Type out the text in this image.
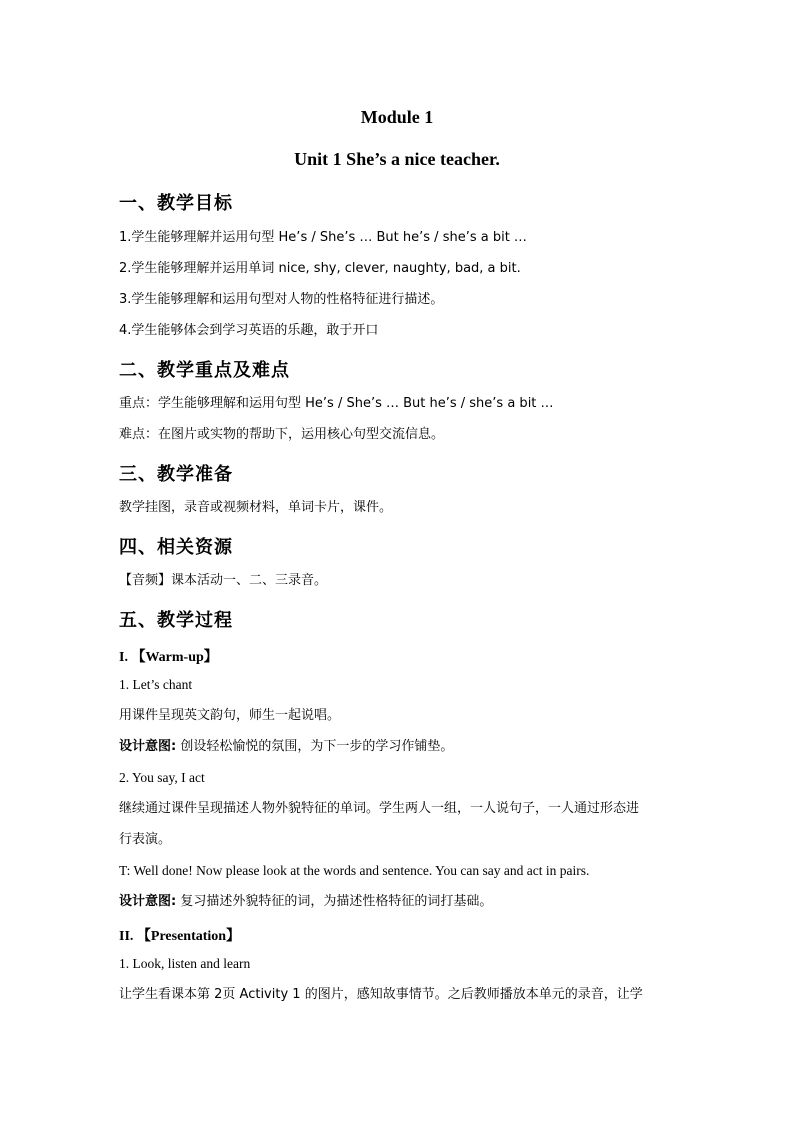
Module 1

Unit 1 She’s a nice teacher.

一、教学目标

1.学生能够理解并运用句型 He’s / She’s … But he’s / she’s a bit …

2.学生能够理解并运用单词 nice, shy, clever, naughty, bad, a bit.

3.学生能够理解和运用句型对人物的性格特征进行描述。

4.学生能够体会到学习英语的乐趣，敢于开口

二、教学重点及难点

重点：学生能够理解和运用句型 He’s / She’s … But he’s / she’s a bit …

难点：在图片或实物的帮助下，运用核心句型交流信息。

三、教学准备

教学挂图，录音或视频材料，单词卡片，课件。

四、相关资源

【音频】课本活动一、二、三录音。

五、教学过程

I. 【Warm-up】

1. Let’s chant

用课件呈现英文韵句，师生一起说唱。

设计意图: 创设轻松愉悦的氛围，为下一步的学习作铺垫。

2. You say, I act

继续通过课件呈现描述人物外貌特征的单词。学生两人一组，一人说句子，一人通过形态进

行表演。

T: Well done! Now please look at the words and sentence. You can say and act in pairs.

设计意图: 复习描述外貌特征的词，为描述性格特征的词打基础。

II. 【Presentation】

1. Look, listen and learn

让学生看课本第 2页 Activity 1 的图片，感知故事情节。之后教师播放本单元的录音，让学
